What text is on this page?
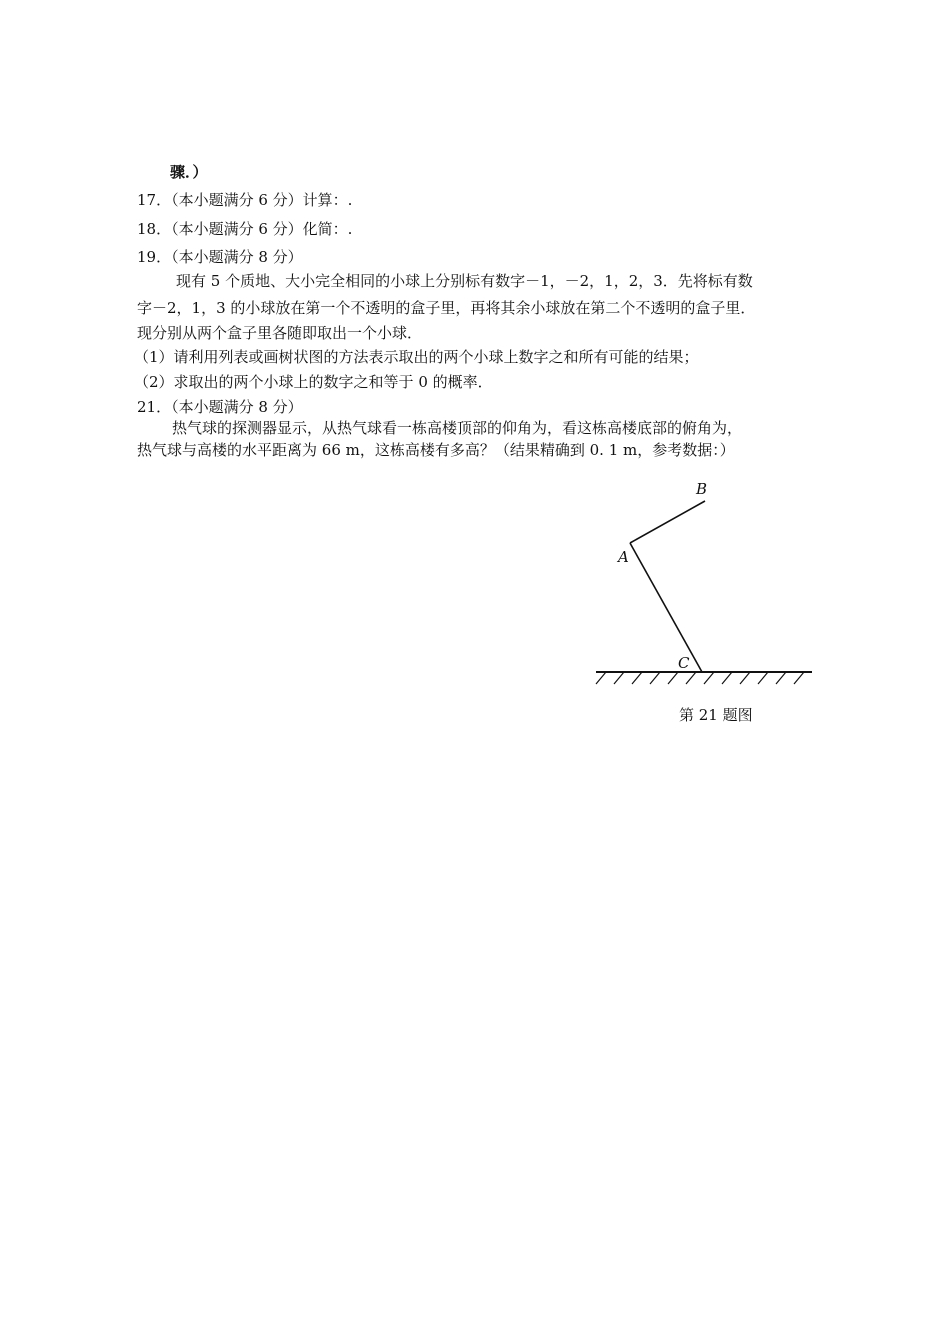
骤．）
17．（本小题满分 6 分）计算：.
18．（本小题满分 6 分）化简：.
19．（本小题满分 8 分）
现有 5 个质地、大小完全相同的小球上分别标有数字－1，－2，1，2，3．先将标有数
字－2，1，3 的小球放在第一个不透明的盒子里，再将其余小球放在第二个不透明的盒子里．
现分别从两个盒子里各随即取出一个小球．
（1）请利用列表或画树状图的方法表示取出的两个小球上数字之和所有可能的结果；
（2）求取出的两个小球上的数字之和等于 0 的概率．
21．（本小题满分 8 分）
热气球的探测器显示，从热气球看一栋高楼顶部的仰角为，看这栋高楼底部的俯角为，
热气球与高楼的水平距离为 66 m，这栋高楼有多高？（结果精确到 0. 1 m，参考数据：）
B
A
C
第 21 题图
